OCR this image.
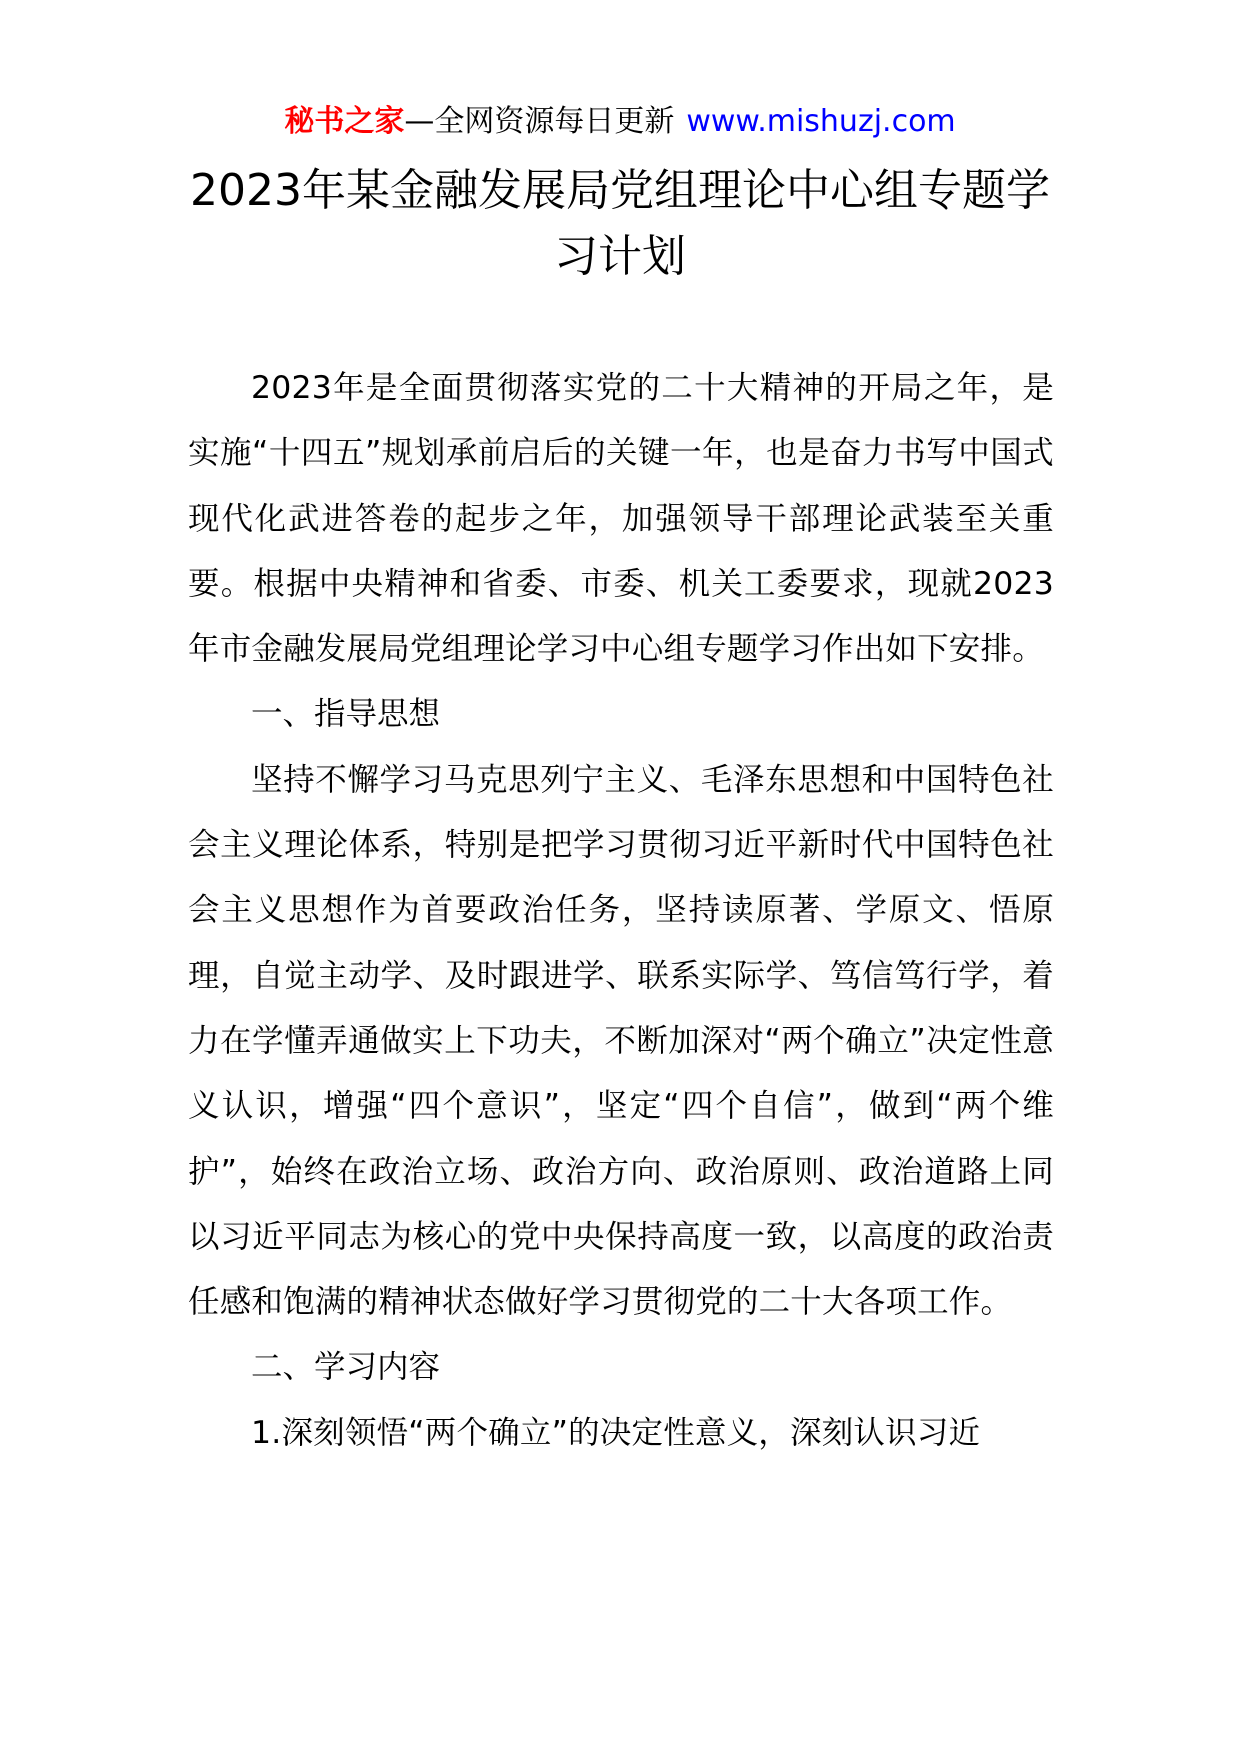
秘书之家—全网资源每日更新 www.mishuzj.com
2023年某金融发展局党组理论中心组专题学习计划

2023年是全面贯彻落实党的二十大精神的开局之年，是实施“十四五”规划承前启后的关键一年，也是奋力书写中国式现代化武进答卷的起步之年，加强领导干部理论武装至关重要。根据中央精神和省委、市委、机关工委要求，现就2023年市金融发展局党组理论学习中心组专题学习作出如下安排。

一、指导思想

坚持不懈学习马克思列宁主义、毛泽东思想和中国特色社会主义理论体系，特别是把学习贯彻习近平新时代中国特色社会主义思想作为首要政治任务，坚持读原著、学原文、悟原理，自觉主动学、及时跟进学、联系实际学、笃信笃行学，着力在学懂弄通做实上下功夫，不断加深对“两个确立”决定性意义认识，增强“四个意识”，坚定“四个自信”，做到“两个维护”，始终在政治立场、政治方向、政治原则、政治道路上同以习近平同志为核心的党中央保持高度一致，以高度的政治责任感和饱满的精神状态做好学习贯彻党的二十大各项工作。

二、学习内容

1.深刻领悟“两个确立”的决定性意义，深刻认识习近
